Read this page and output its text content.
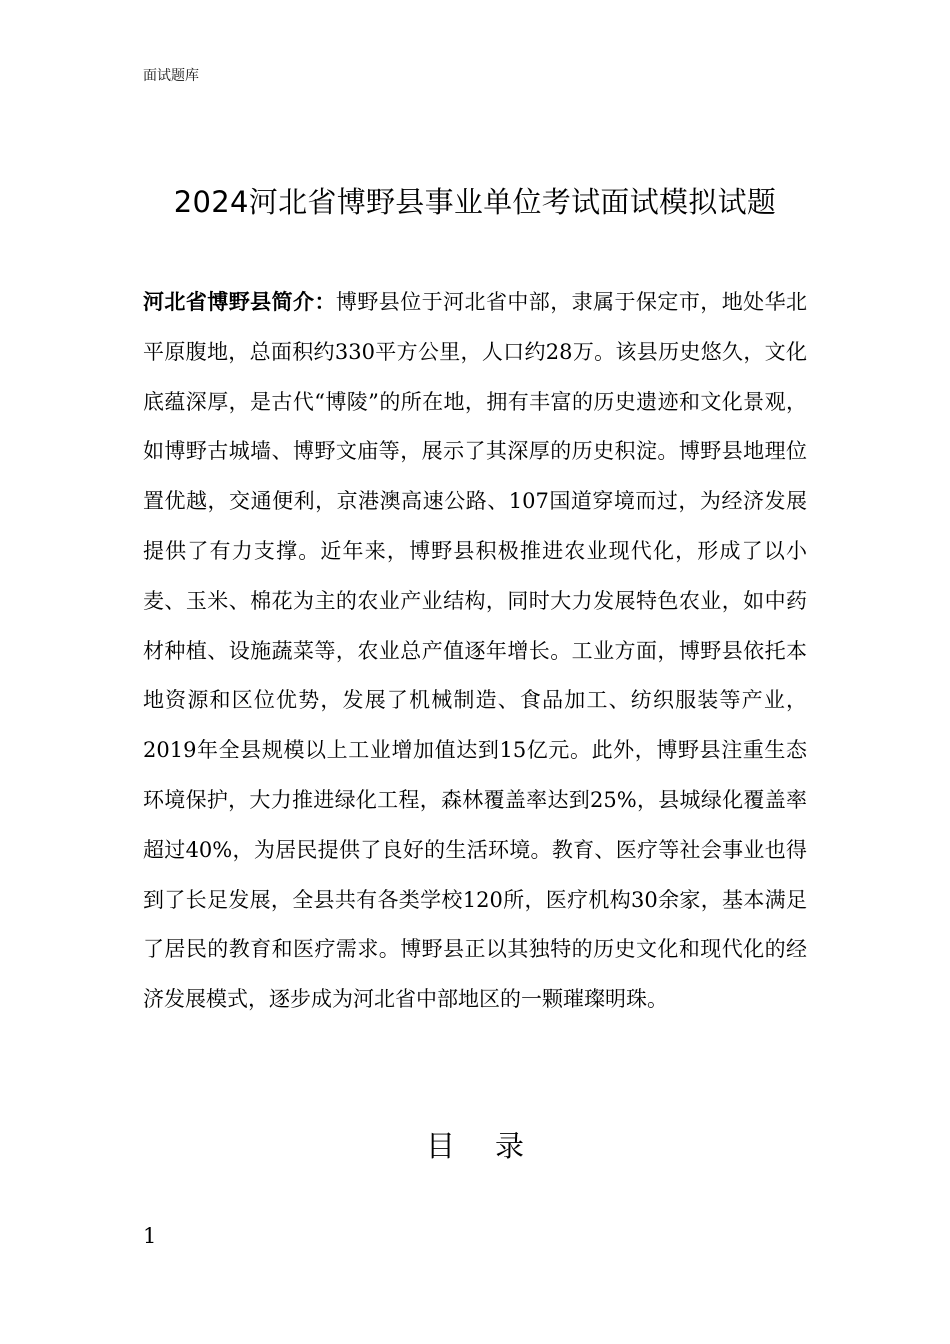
面试题库
2024河北省博野县事业单位考试面试模拟试题

河北省博野县简介：博野县位于河北省中部，隶属于保定市，地处华北平原腹地，总面积约330平方公里，人口约28万。该县历史悠久，文化底蕴深厚，是古代“博陵”的所在地，拥有丰富的历史遗迹和文化景观，如博野古城墙、博野文庙等，展示了其深厚的历史积淀。博野县地理位置优越，交通便利，京港澳高速公路、107国道穿境而过，为经济发展提供了有力支撑。近年来，博野县积极推进农业现代化，形成了以小麦、玉米、棉花为主的农业产业结构，同时大力发展特色农业，如中药材种植、设施蔬菜等，农业总产值逐年增长。工业方面，博野县依托本地资源和区位优势，发展了机械制造、食品加工、纺织服装等产业，2019年全县规模以上工业增加值达到15亿元。此外，博野县注重生态环境保护，大力推进绿化工程，森林覆盖率达到25%，县城绿化覆盖率超过40%，为居民提供了良好的生活环境。教育、医疗等社会事业也得到了长足发展，全县共有各类学校120所，医疗机构30余家，基本满足了居民的教育和医疗需求。博野县正以其独特的历史文化和现代化的经济发展模式，逐步成为河北省中部地区的一颗璀璨明珠。

目录
1
